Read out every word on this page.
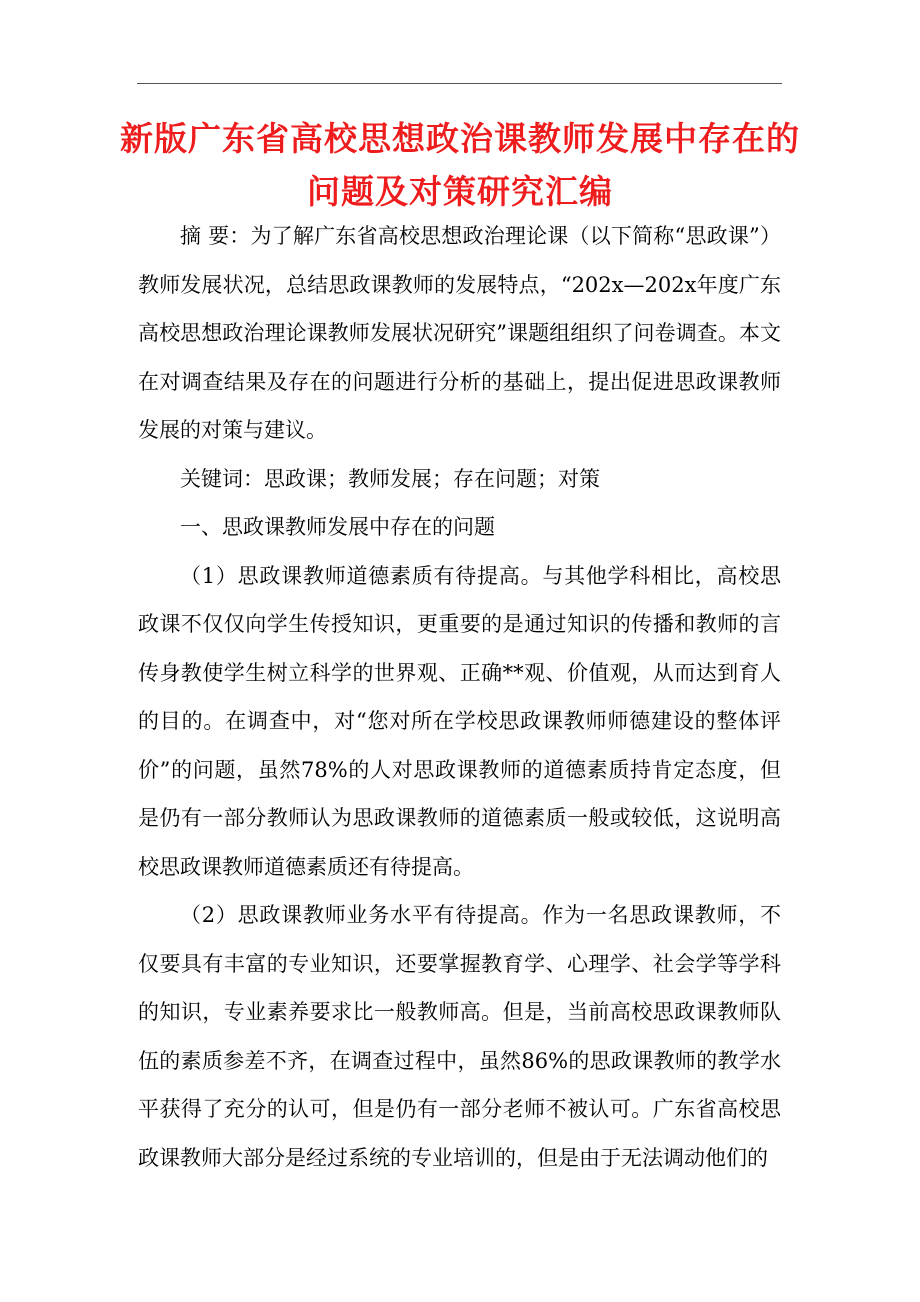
新版广东省高校思想政治课教师发展中存在的问题及对策研究汇编

摘 要：为了解广东省高校思想政治理论课（以下简称“思政课”）教师发展状况，总结思政课教师的发展特点，“202x—202x年度广东高校思想政治理论课教师发展状况研究”课题组组织了问卷调查。本文在对调查结果及存在的问题进行分析的基础上，提出促进思政课教师发展的对策与建议。

关键词：思政课；教师发展；存在问题；对策

一、思政课教师发展中存在的问题

（1）思政课教师道德素质有待提高。与其他学科相比，高校思政课不仅仅向学生传授知识，更重要的是通过知识的传播和教师的言传身教使学生树立科学的世界观、正确**观、价值观，从而达到育人的目的。在调查中，对“您对所在学校思政课教师师德建设的整体评价”的问题，虽然78%的人对思政课教师的道德素质持肯定态度，但是仍有一部分教师认为思政课教师的道德素质一般或较低，这说明高校思政课教师道德素质还有待提高。

（2）思政课教师业务水平有待提高。作为一名思政课教师，不仅要具有丰富的专业知识，还要掌握教育学、心理学、社会学等学科的知识，专业素养要求比一般教师高。但是，当前高校思政课教师队伍的素质参差不齐，在调查过程中，虽然86%的思政课教师的教学水平获得了充分的认可，但是仍有一部分老师不被认可。广东省高校思政课教师大部分是经过系统的专业培训的，但是由于无法调动他们的
